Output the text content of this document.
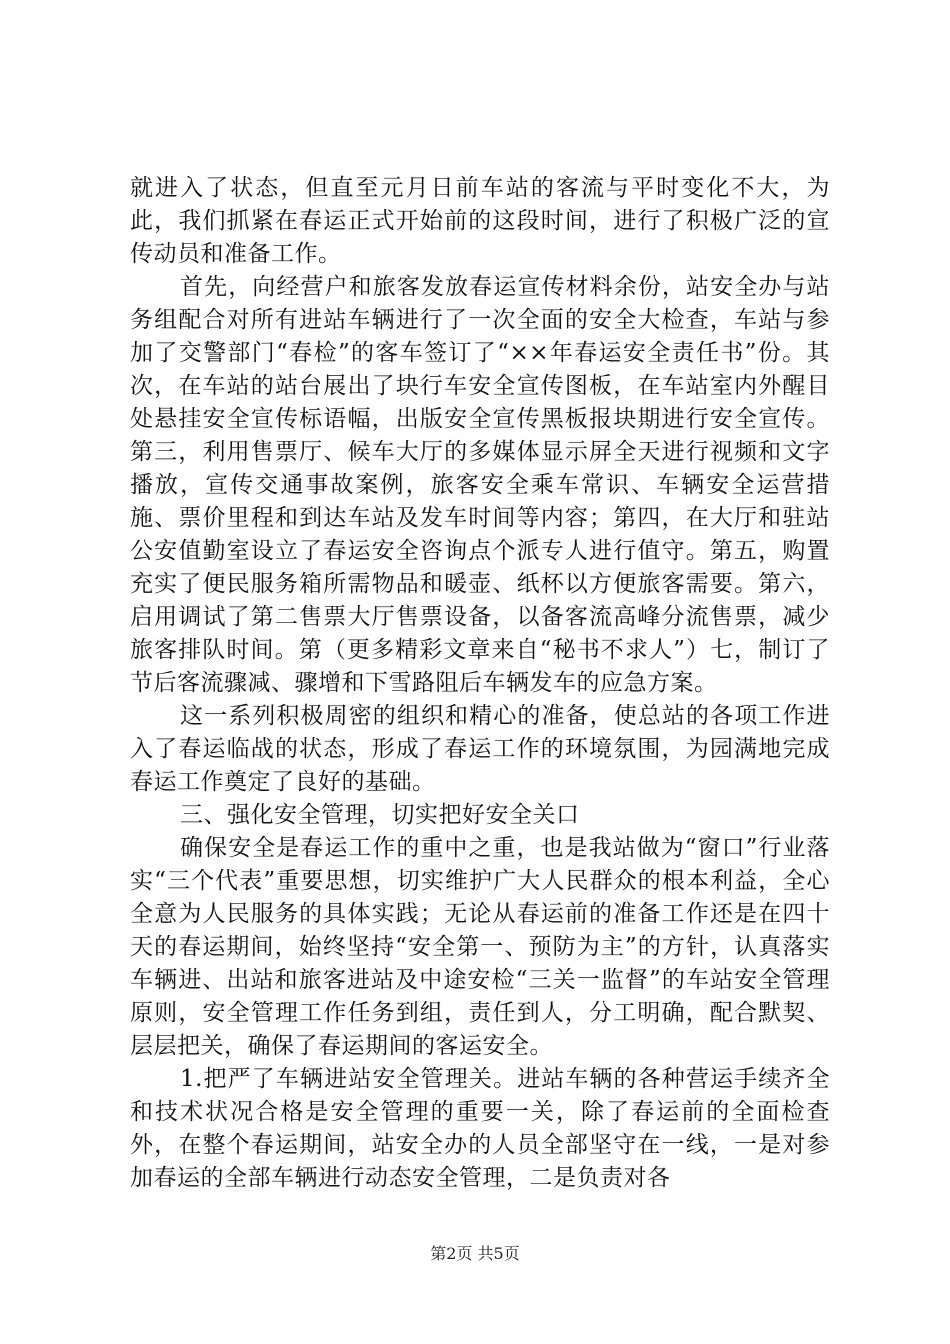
就进入了状态，但直至元月日前车站的客流与平时变化不大，为此，我们抓紧在春运正式开始前的这段时间，进行了积极广泛的宣传动员和准备工作。

首先，向经营户和旅客发放春运宣传材料余份，站安全办与站务组配合对所有进站车辆进行了一次全面的安全大检查，车站与参加了交警部门“春检”的客车签订了“××年春运安全责任书”份。其次，在车站的站台展出了块行车安全宣传图板，在车站室内外醒目处悬挂安全宣传标语幅，出版安全宣传黑板报块期进行安全宣传。第三，利用售票厅、候车大厅的多媒体显示屏全天进行视频和文字播放，宣传交通事故案例，旅客安全乘车常识、车辆安全运营措施、票价里程和到达车站及发车时间等内容；第四，在大厅和驻站公安值勤室设立了春运安全咨询点个派专人进行值守。第五，购置充实了便民服务箱所需物品和暖壶、纸杯以方便旅客需要。第六，启用调试了第二售票大厅售票设备，以备客流高峰分流售票，减少旅客排队时间。第（更多精彩文章来自“秘书不求人”）七，制订了节后客流骤减、骤增和下雪路阻后车辆发车的应急方案。

这一系列积极周密的组织和精心的准备，使总站的各项工作进入了春运临战的状态，形成了春运工作的环境氛围，为园满地完成春运工作奠定了良好的基础。

三、强化安全管理，切实把好安全关口

确保安全是春运工作的重中之重，也是我站做为“窗口”行业落实“三个代表”重要思想，切实维护广大人民群众的根本利益，全心全意为人民服务的具体实践；无论从春运前的准备工作还是在四十天的春运期间，始终坚持“安全第一、预防为主”的方针，认真落实车辆进、出站和旅客进站及中途安检“三关一监督”的车站安全管理原则，安全管理工作任务到组，责任到人，分工明确，配合默契、层层把关，确保了春运期间的客运安全。

1.把严了车辆进站安全管理关。进站车辆的各种营运手续齐全和技术状况合格是安全管理的重要一关，除了春运前的全面检查外，在整个春运期间，站安全办的人员全部坚守在一线，一是对参加春运的全部车辆进行动态安全管理，二是负责对各

第2页 共5页
